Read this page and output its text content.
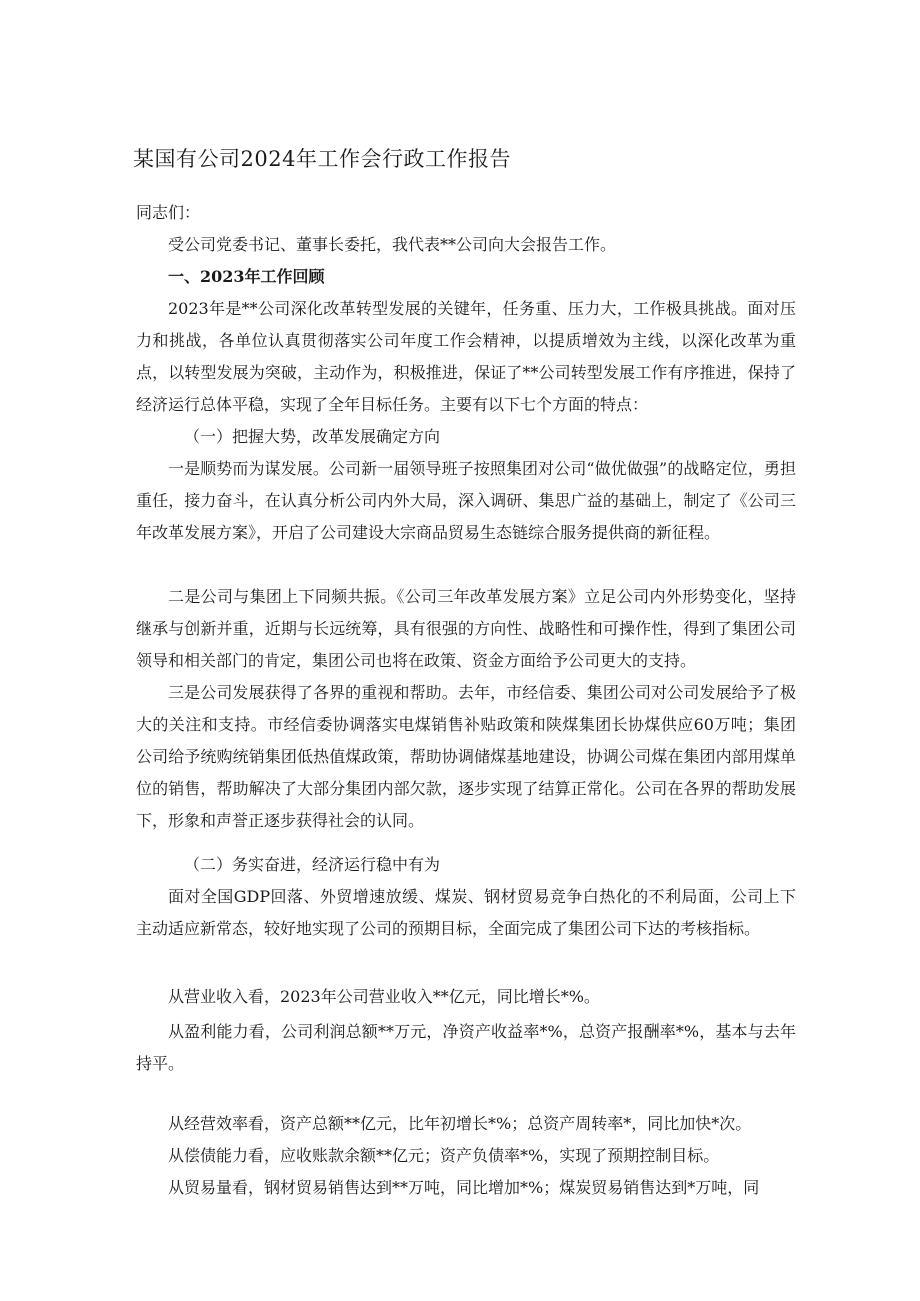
某国有公司2024年工作会行政工作报告

同志们：

受公司党委书记、董事长委托，我代表**公司向大会报告工作。

一、2023年工作回顾

2023年是**公司深化改革转型发展的关键年，任务重、压力大，工作极具挑战。面对压力和挑战，各单位认真贯彻落实公司年度工作会精神，以提质增效为主线，以深化改革为重点，以转型发展为突破，主动作为，积极推进，保证了**公司转型发展工作有序推进，保持了经济运行总体平稳，实现了全年目标任务。主要有以下七个方面的特点：

（一）把握大势，改革发展确定方向

一是顺势而为谋发展。公司新一届领导班子按照集团对公司“做优做强”的战略定位，勇担重任，接力奋斗，在认真分析公司内外大局，深入调研、集思广益的基础上，制定了《公司三年改革发展方案》，开启了公司建设大宗商品贸易生态链综合服务提供商的新征程。

二是公司与集团上下同频共振。《公司三年改革发展方案》立足公司内外形势变化，坚持继承与创新并重，近期与长远统筹，具有很强的方向性、战略性和可操作性，得到了集团公司领导和相关部门的肯定，集团公司也将在政策、资金方面给予公司更大的支持。

三是公司发展获得了各界的重视和帮助。去年，市经信委、集团公司对公司发展给予了极大的关注和支持。市经信委协调落实电煤销售补贴政策和陕煤集团长协煤供应60万吨；集团公司给予统购统销集团低热值煤政策，帮助协调储煤基地建设，协调公司煤在集团内部用煤单位的销售，帮助解决了大部分集团内部欠款，逐步实现了结算正常化。公司在各界的帮助发展下，形象和声誉正逐步获得社会的认同。

（二）务实奋进，经济运行稳中有为

面对全国GDP回落、外贸增速放缓、煤炭、钢材贸易竞争白热化的不利局面，公司上下主动适应新常态，较好地实现了公司的预期目标，全面完成了集团公司下达的考核指标。

从营业收入看，2023年公司营业收入**亿元，同比增长*%。

从盈利能力看，公司利润总额**万元，净资产收益率*%，总资产报酬率*%，基本与去年持平。

从经营效率看，资产总额**亿元，比年初增长*%；总资产周转率*，同比加快*次。

从偿债能力看，应收账款余额**亿元；资产负债率*%，实现了预期控制目标。

从贸易量看，钢材贸易销售达到**万吨，同比增加*%；煤炭贸易销售达到*万吨，同
